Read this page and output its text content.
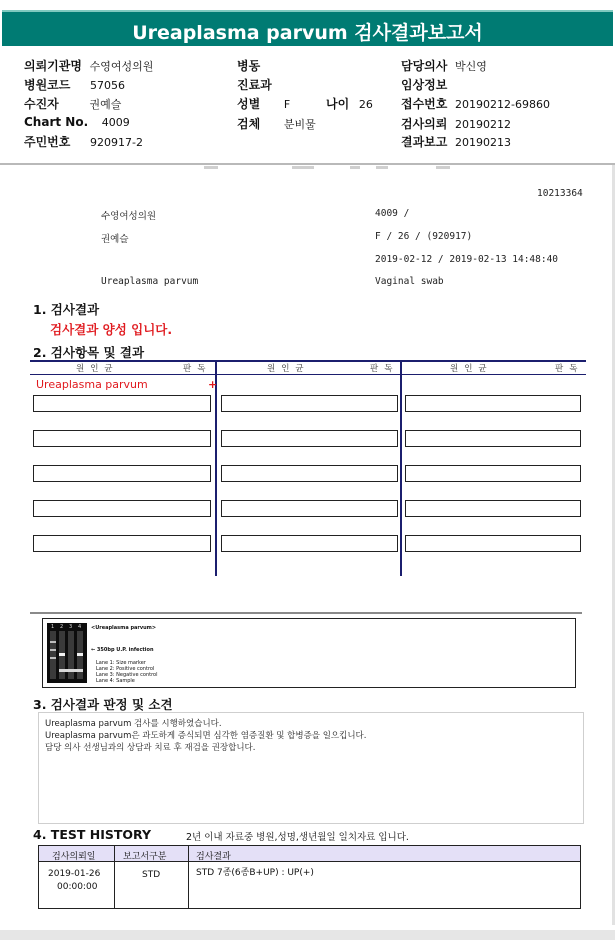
Ureaplasma parvum 검사결과보고서
의뢰기관명 수영여성의원
병원코드 57056
수진자	권예슬
Chart No. 4009
주민번호 920917-2
병동
진료과
성별 F	나이 26
검체 분비물
담당의사 박신영
임상정보
접수번호 20190212-69860
검사의뢰 20190212
결과보고 20190213
10213364
수영여성의원	4009 /
권예슬	F / 26 / (920917)
2019-02-12 / 2019-02-13 14:48:40
Ureaplasma parvum	Vaginal swab
1. 검사결과
검사결과 양성 입니다.
2. 검사항목 및 결과
원인균	판독	원인균	판독	원인균	판독
Ureaplasma parvum	+
1 2 3 4 <Ureaplasma parvum>
← 350bp U.P. infection
Lane 1: Size marker
Lane 2: Positive control
Lane 3: Negative control
Lane 4: Sample
3. 검사결과 판정 및 소견

Ureaplasma parvum 검사를 시행하였습니다.

Ureaplasma parvum은 과도하게 증식되면 심각한 염증질환 및 합병증을 일으킵니다.

담당 의사 선생님과의 상담과 치료 후 재검을 권장합니다.

4. TEST HISTORY	2년 이내 자료중 병원,성명,생년월일 일치자료 입니다.
검사의뢰일	보고서구분	검사결과
2019-01-26
00:00:00
STD	STD 7종(6종B+UP) : UP(+)
